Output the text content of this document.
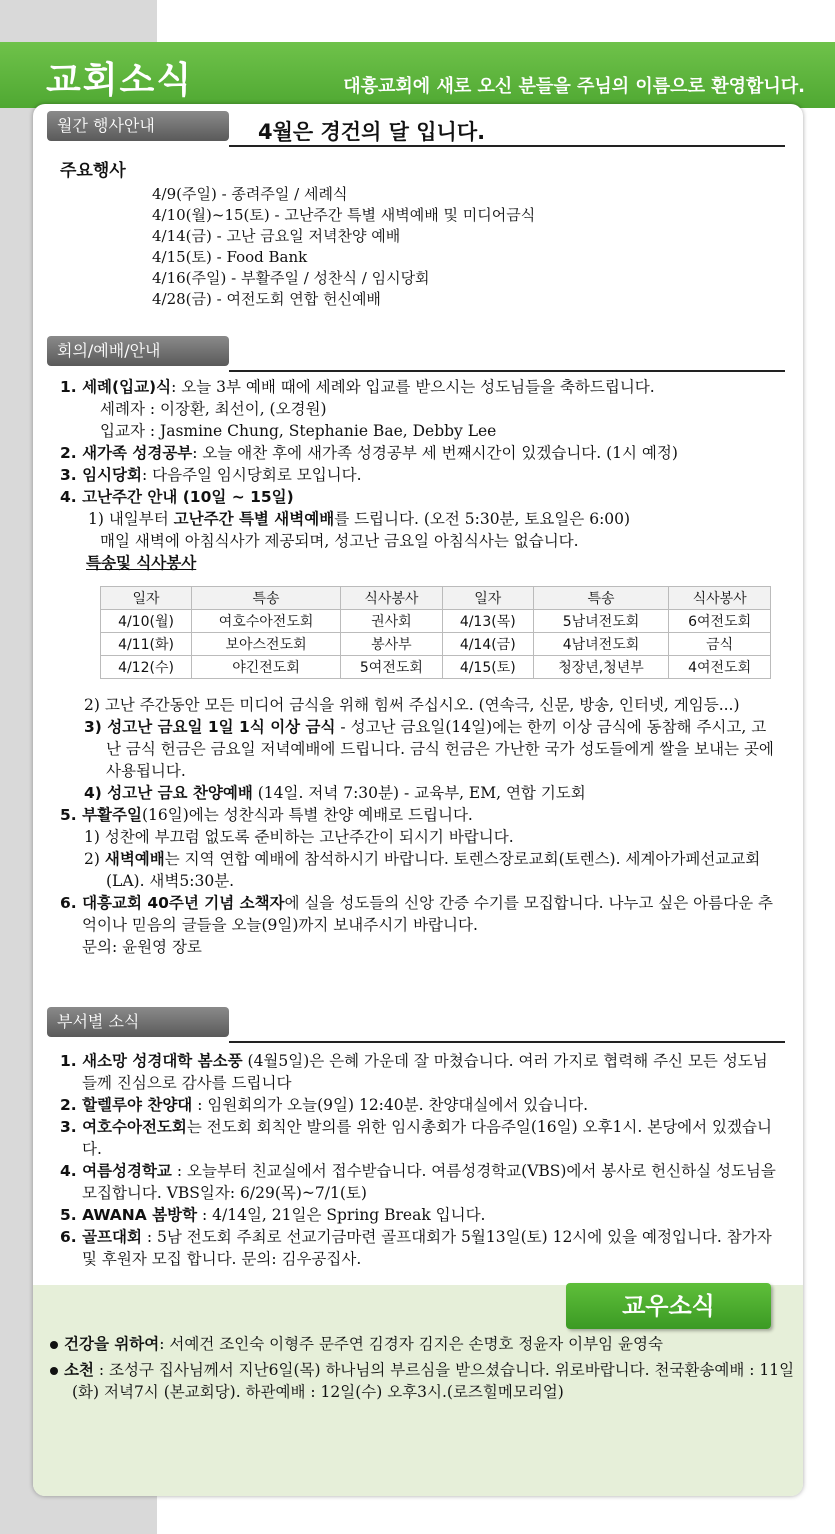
교회소식	대흥교회에 새로 오신 분들을 주님의 이름으로 환영합니다.
월간 행사안내	4월은 경건의 달 입니다.
주요행사
4/9(주일) - 종려주일 / 세례식
4/10(월)~15(토) - 고난주간 특별 새벽예배 및 미디어금식
4/14(금) - 고난 금요일 저녁찬양 예배
4/15(토) - Food Bank
4/16(주일) - 부활주일 / 성찬식 / 임시당회
4/28(금) - 여전도회 연합 헌신예배
회의/예배/안내
1. 세례(입교)식: 오늘 3부 예배 때에 세례와 입교를 받으시는 성도님들을 축하드립니다.
세례자 : 이장환, 최선이, (오경원)
입교자 : Jasmine Chung, Stephanie Bae, Debby Lee
2. 새가족 성경공부: 오늘 애찬 후에 새가족 성경공부 세 번째시간이 있겠습니다. (1시 예정)
3. 임시당회: 다음주일 임시당회로 모입니다.
4. 고난주간 안내 (10일 ~ 15일)
1) 내일부터 고난주간 특별 새벽예배를 드립니다. (오전 5:30분, 토요일은 6:00)
매일 새벽에 아침식사가 제공되며, 성고난 금요일 아침식사는 없습니다.
특송및 식사봉사
일자	특송	식사봉사	일자	특송	식사봉사
4/10(월)	여호수아전도회	권사회	4/13(목)	5남녀전도회	6여전도회
4/11(화)	보아스전도회	봉사부	4/14(금)	4남녀전도회	금식
4/12(수)	야긴전도회	5여전도회	4/15(토)	청장년,청년부	4여전도회
2) 고난 주간동안 모든 미디어 금식을 위해 힘써 주십시오. (연속극, 신문, 방송, 인터넷, 게임등...)
3) 성고난 금요일 1일 1식 이상 금식 - 성고난 금요일(14일)에는 한끼 이상 금식에 동참해 주시고, 고난 금식 헌금은 금요일 저녁예배에 드립니다. 금식 헌금은 가난한 국가 성도들에게 쌀을 보내는 곳에 사용됩니다.
4) 성고난 금요 찬양예배 (14일. 저녁 7:30분) - 교육부, EM, 연합 기도회
5. 부활주일(16일)에는 성찬식과 특별 찬양 예배로 드립니다.
1) 성찬에 부끄럼 없도록 준비하는 고난주간이 되시기 바랍니다.
2) 새벽예배는 지역 연합 예배에 참석하시기 바랍니다. 토렌스장로교회(토렌스). 세계아가페선교교회(LA). 새벽5:30분.
6. 대흥교회 40주년 기념 소책자에 실을 성도들의 신앙 간증 수기를 모집합니다. 나누고 싶은 아름다운 추억이나 믿음의 글들을 오늘(9일)까지 보내주시기 바랍니다.
문의: 윤원영 장로
부서별 소식
1. 새소망 성경대학 봄소풍 (4월5일)은 은혜 가운데 잘 마쳤습니다. 여러 가지로 협력해 주신 모든 성도님들께 진심으로 감사를 드립니다
2. 할렐루야 찬양대 : 임원회의가 오늘(9일) 12:40분. 찬양대실에서 있습니다.
3. 여호수아전도회는 전도회 회칙안 발의를 위한 임시총회가 다음주일(16일) 오후1시. 본당에서 있겠습니다.
4. 여름성경학교 : 오늘부터 친교실에서 접수받습니다. 여름성경학교(VBS)에서 봉사로 헌신하실 성도님을 모집합니다. VBS일자: 6/29(목)~7/1(토)
5. AWANA 봄방학 : 4/14일, 21일은 Spring Break 입니다.
6. 골프대회 : 5남 전도회 주최로 선교기금마련 골프대회가 5월13일(토) 12시에 있을 예정입니다. 참가자 및 후원자 모집 합니다. 문의: 김우공집사.
교우소식
건강을 위하여: 서예건 조인숙 이형주 문주연 김경자 김지은 손명호 정윤자 이부임 윤영숙
소천 : 조성구 집사님께서 지난6일(목) 하나님의 부르심을 받으셨습니다. 위로바랍니다. 천국환송예배 : 11일(화) 저녁7시 (본교회당). 하관예배 : 12일(수) 오후3시.(로즈힐메모리얼)
